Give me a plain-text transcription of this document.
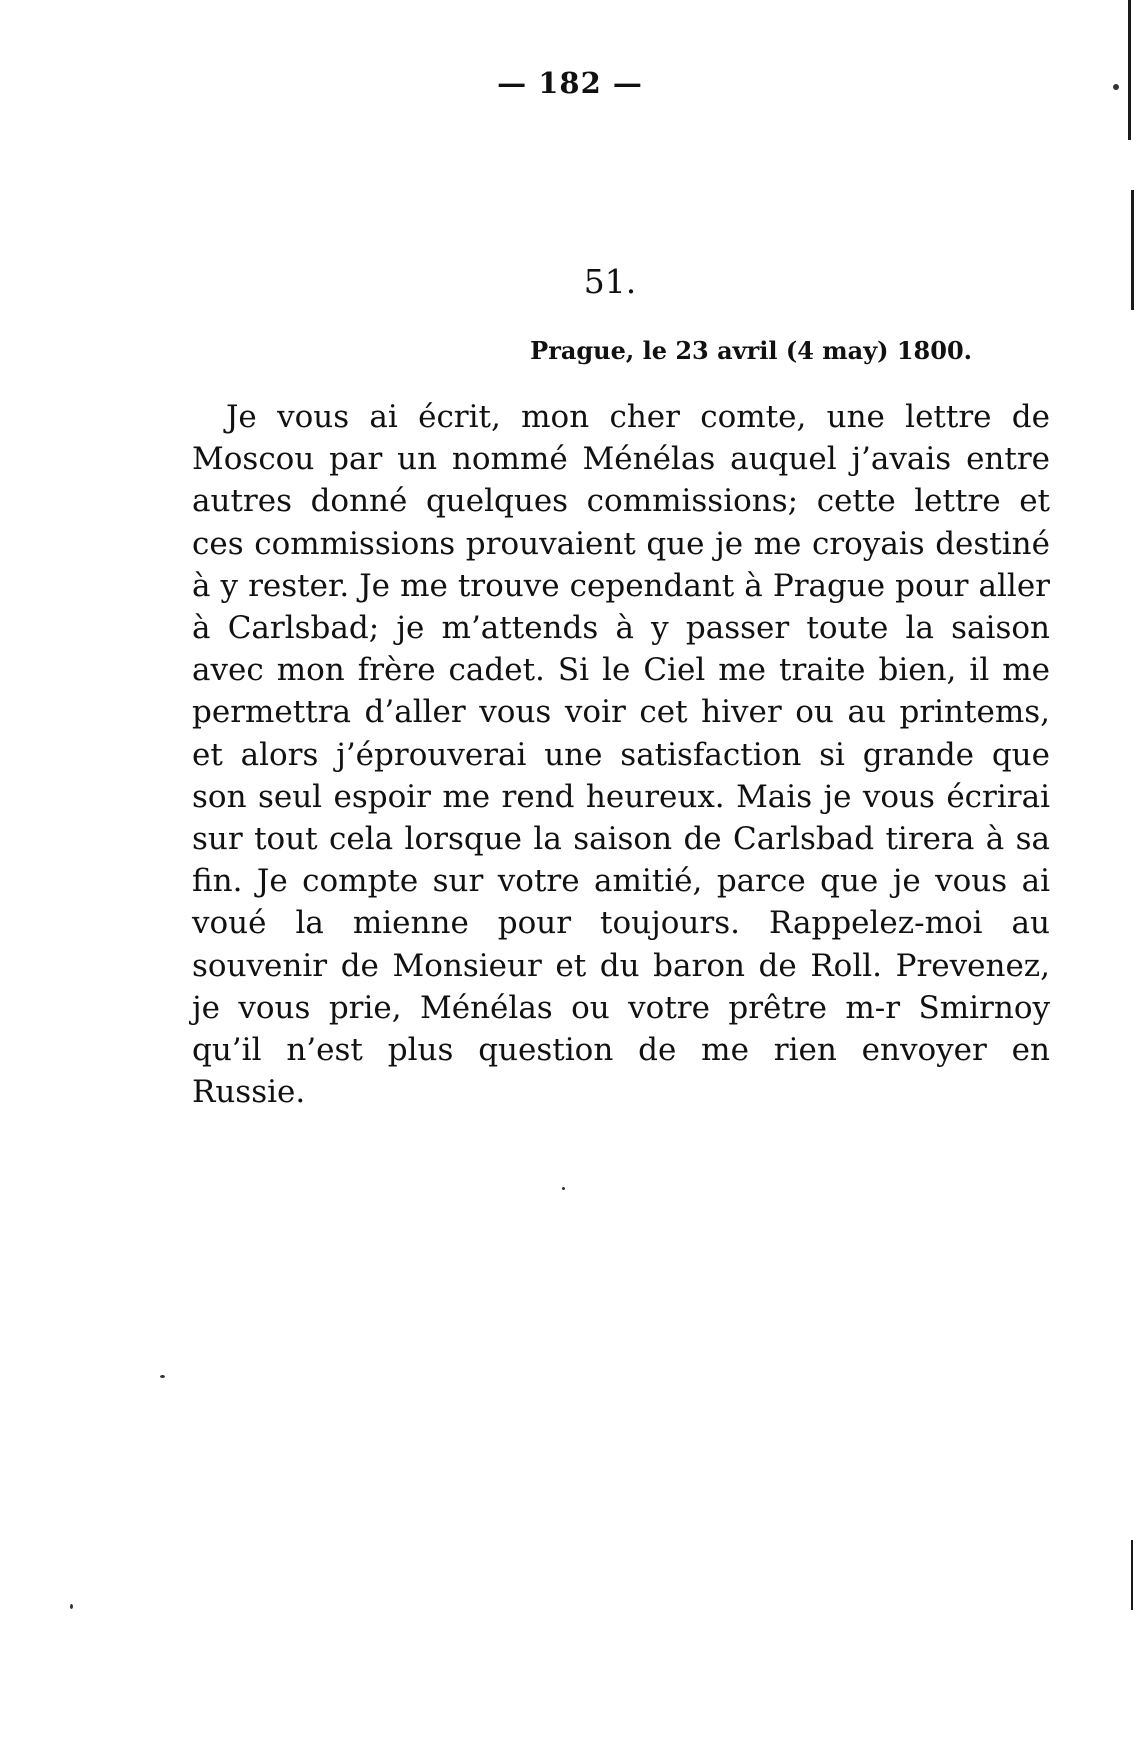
— 182 —
51.
Prague, le 23 avril (4 may) 1800.

Je vous ai écrit, mon cher comte, une lettre de Moscou par un nommé Ménélas auquel j’avais entre autres donné quelques commissions; cette lettre et ces commissions prouvaient que je me croyais destiné à y rester. Je me trouve cependant à Prague pour aller à Carlsbad; je m’attends à y passer toute la saison avec mon frère cadet. Si le Ciel me traite bien, il me permettra d’aller vous voir cet hiver ou au printems, et alors j’éprouverai une satisfaction si grande que son seul espoir me rend heureux. Mais je vous écrirai sur tout cela lorsque la saison de Carlsbad tirera à sa fin. Je compte sur votre amitié, parce que je vous ai voué la mienne pour toujours. Rappelez-moi au souvenir de Monsieur et du baron de Roll. Prevenez, je vous prie, Ménélas ou votre prêtre m-r Smirnoy qu’il n’est plus question de me rien envoyer en Russie.
